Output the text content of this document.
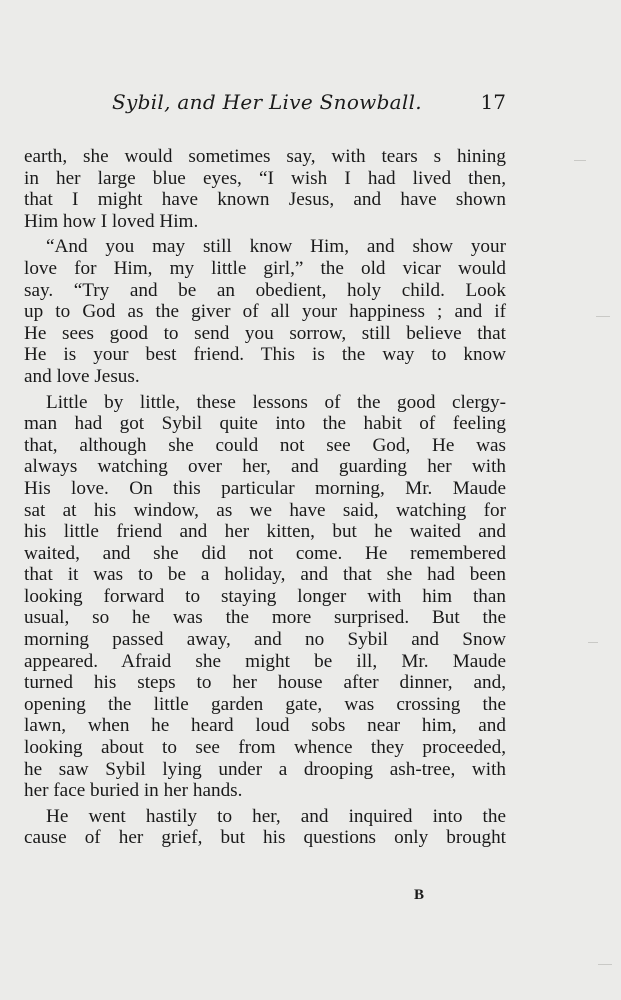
Sybil, and Her Live Snowball.	17
earth, she would sometimes say, with tears s hining
in her large blue eyes, “I wish I had lived then,
that I might have known Jesus, and have shown
Him how I loved Him.
“And you may still know Him, and show your
love for Him, my little girl,” the old vicar would
say. “Try and be an obedient, holy child. Look
up to God as the giver of all your happiness ; and if
He sees good to send you sorrow, still believe that
He is your best friend. This is the way to know
and love Jesus.
Little by little, these lessons of the good clergy-
man had got Sybil quite into the habit of feeling
that, although she could not see God, He was
always watching over her, and guarding her with
His love. On this particular morning, Mr. Maude
sat at his window, as we have said, watching for
his little friend and her kitten, but he waited and
waited, and she did not come. He remembered
that it was to be a holiday, and that she had been
looking forward to staying longer with him than
usual, so he was the more surprised. But the
morning passed away, and no Sybil and Snow
appeared. Afraid she might be ill, Mr. Maude
turned his steps to her house after dinner, and,
opening the little garden gate, was crossing the
lawn, when he heard loud sobs near him, and
looking about to see from whence they proceeded,
he saw Sybil lying under a drooping ash-tree, with
her face buried in her hands.
He went hastily to her, and inquired into the
cause of her grief, but his questions only brought
B
